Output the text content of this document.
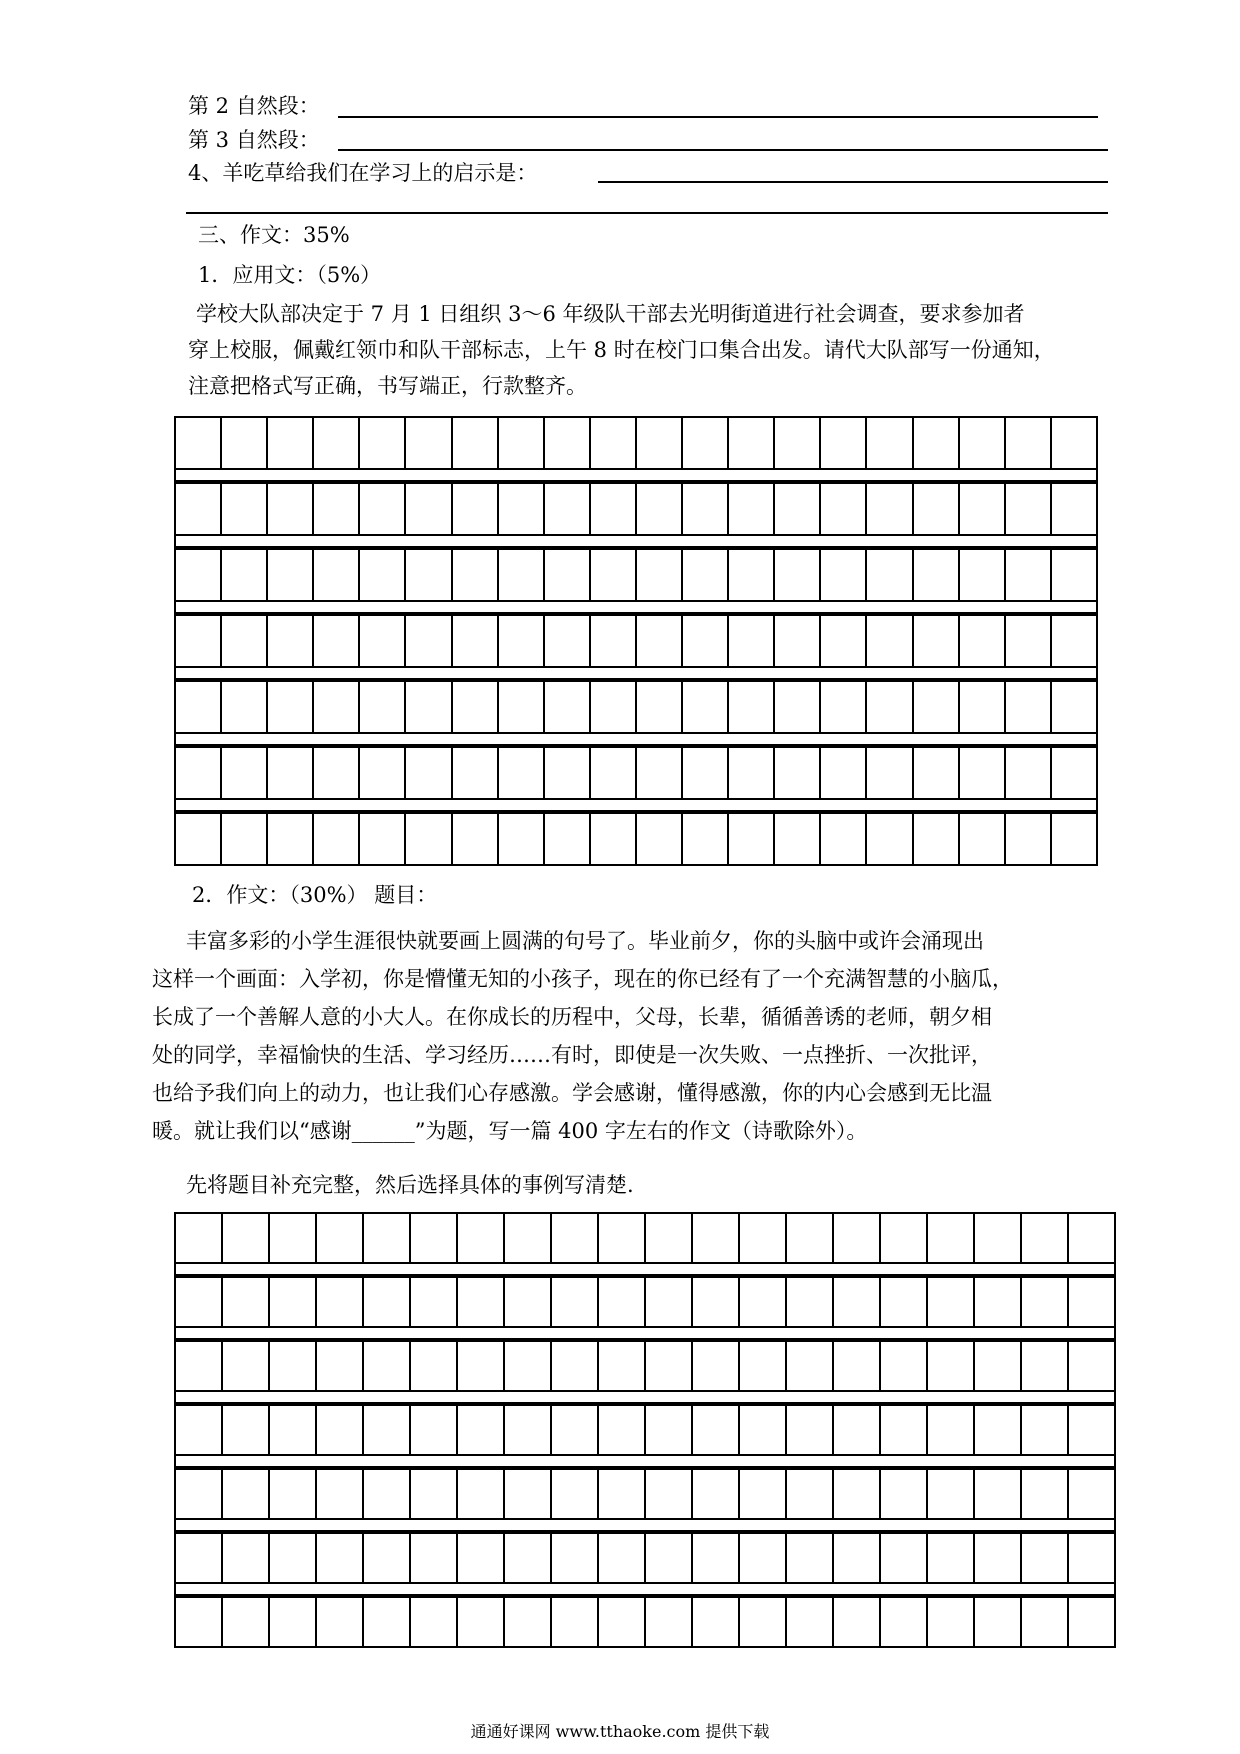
第 2 自然段：
第 3 自然段：
4、羊吃草给我们在学习上的启示是：
三、作文：35%
1．应用文：（5%）
学校大队部决定于 7 月 1 日组织 3～6 年级队干部去光明街道进行社会调查，要求参加者
穿上校服，佩戴红领巾和队干部标志，上午 8 时在校门口集合出发。请代大队部写一份通知，
注意把格式写正确，书写端正，行款整齐。
2．作文：（30%） 题目：
丰富多彩的小学生涯很快就要画上圆满的句号了。毕业前夕，你的头脑中或许会涌现出
这样一个画面：入学初，你是懵懂无知的小孩子，现在的你已经有了一个充满智慧的小脑瓜，
长成了一个善解人意的小大人。在你成长的历程中，父母，长辈，循循善诱的老师，朝夕相
处的同学，幸福愉快的生活、学习经历……有时，即使是一次失败、一点挫折、一次批评，
也给予我们向上的动力，也让我们心存感激。学会感谢，懂得感激，你的内心会感到无比温
暖。就让我们以“感谢______”为题，写一篇 400 字左右的作文（诗歌除外）。
先将题目补充完整，然后选择具体的事例写清楚.
通通好课网 www.tthaoke.com 提供下载
